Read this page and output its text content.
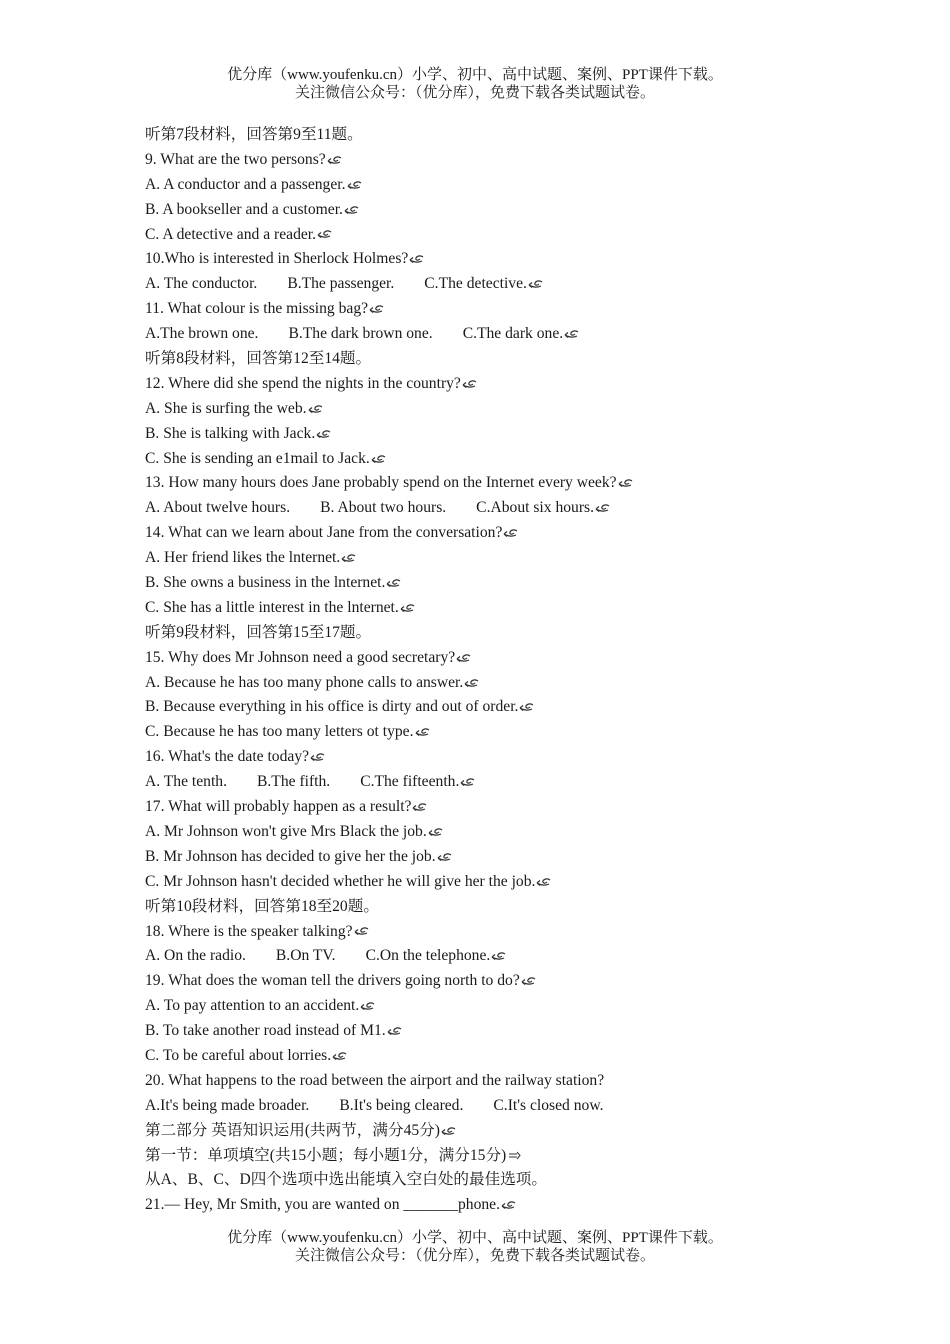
优分库（www.youfenku.cn）小学、初中、高中试题、案例、PPT课件下载。
关注微信公众号：（优分库），免费下载各类试题试卷。
听第7段材料，回答第9至11题。
9. What are the two persons?
A. A conductor and a passenger.
B. A bookseller and a customer.
C. A detective and a reader.
10.Who is interested in Sherlock Holmes?
A. The conductor. B.The passenger. C.The detective.
11. What colour is the missing bag?
A.The brown one. B.The dark brown one. C.The dark one.
听第8段材料，回答第12至14题。
12. Where did she spend the nights in the country?
A. She is surfing the web.
B. She is talking with Jack.
C. She is sending an e1mail to Jack.
13. How many hours does Jane probably spend on the Internet every week?
A. About twelve hours. B. About two hours. C.About six hours.
14. What can we learn about Jane from the conversation?
A. Her friend likes the lnternet.
B. She owns a business in the lnternet.
C. She has a little interest in the lnternet.
听第9段材料，回答第15至17题。
15. Why does Mr Johnson need a good secretary?
A. Because he has too many phone calls to answer.
B. Because everything in his office is dirty and out of order.
C. Because he has too many letters ot type.
16. What's the date today?
A. The tenth. B.The fifth. C.The fifteenth.
17. What will probably happen as a result?
A. Mr Johnson won't give Mrs Black the job.
B. Mr Johnson has decided to give her the job.
C. Mr Johnson hasn't decided whether he will give her the job.
听第10段材料，回答第18至20题。
18. Where is the speaker talking?
A. On the radio. B.On TV. C.On the telephone.
19. What does the woman tell the drivers going north to do?
A. To pay attention to an accident.
B. To take another road instead of M1.
C. To be careful about lorries.
20. What happens to the road between the airport and the railway station?
A.It's being made broader. B.It's being cleared. C.It's closed now.
第二部分 英语知识运用(共两节，满分45分)
第一节：单项填空(共15小题；每小题1分，满分15分)
从A、B、C、D四个选项中选出能填入空白处的最佳选项。
21.— Hey, Mr Smith, you are wanted on _______phone.
优分库（www.youfenku.cn）小学、初中、高中试题、案例、PPT课件下载。
关注微信公众号：（优分库），免费下载各类试题试卷。
